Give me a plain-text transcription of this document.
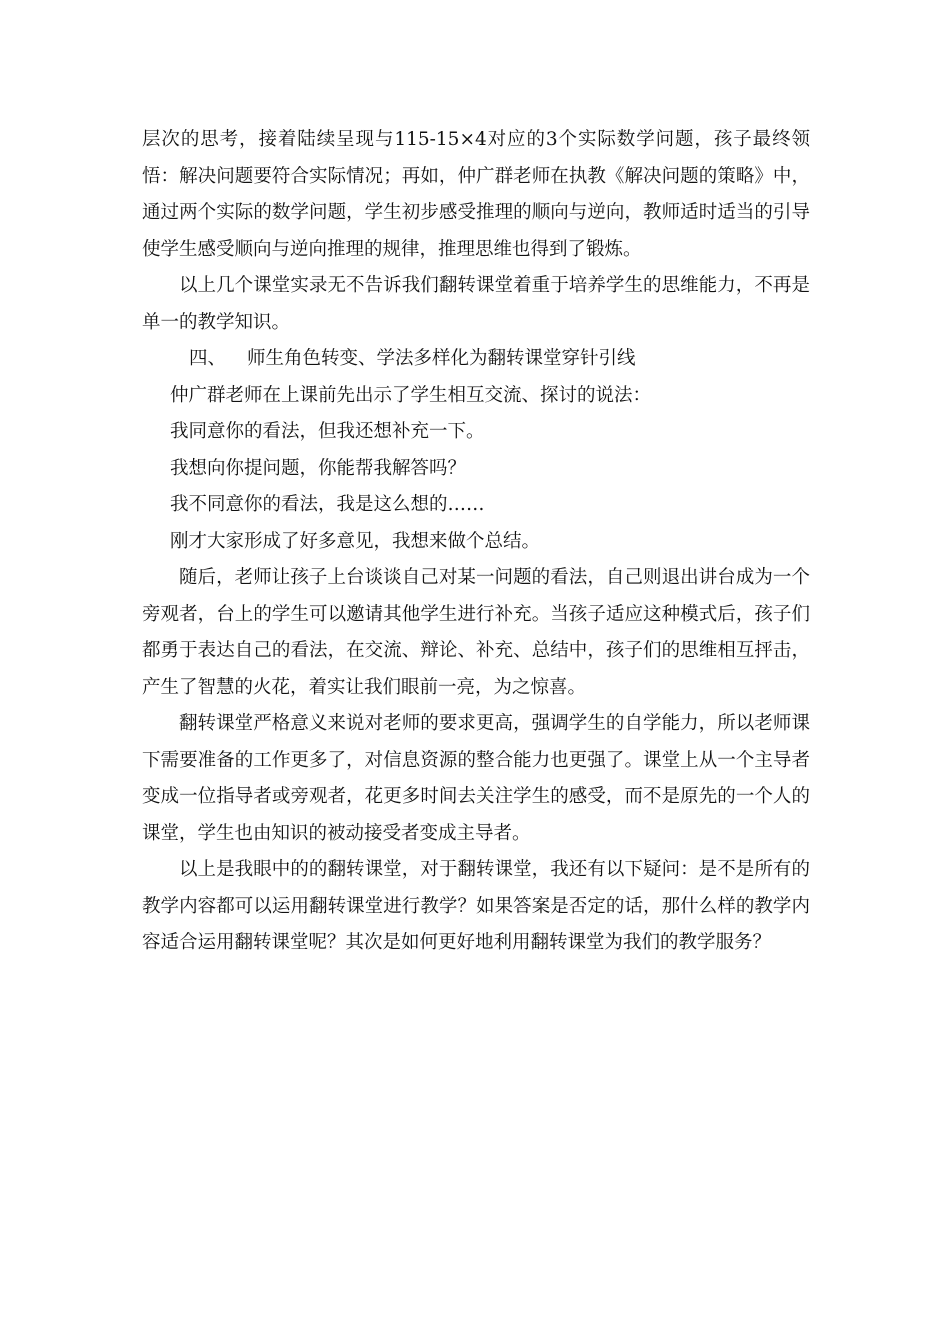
层次的思考，接着陆续呈现与115-15×4对应的3个实际数学问题，孩子最终领悟：解决问题要符合实际情况；再如，仲广群老师在执教《解决问题的策略》中，通过两个实际的数学问题，学生初步感受推理的顺向与逆向，教师适时适当的引导使学生感受顺向与逆向推理的规律，推理思维也得到了锻炼。

以上几个课堂实录无不告诉我们翻转课堂着重于培养学生的思维能力，不再是单一的教学知识。

四、 师生角色转变、学法多样化为翻转课堂穿针引线

仲广群老师在上课前先出示了学生相互交流、探讨的说法：

我同意你的看法，但我还想补充一下。

我想向你提问题，你能帮我解答吗？

我不同意你的看法，我是这么想的……

刚才大家形成了好多意见，我想来做个总结。

随后，老师让孩子上台谈谈自己对某一问题的看法，自己则退出讲台成为一个旁观者，台上的学生可以邀请其他学生进行补充。当孩子适应这种模式后，孩子们都勇于表达自己的看法，在交流、辩论、补充、总结中，孩子们的思维相互抨击，产生了智慧的火花，着实让我们眼前一亮，为之惊喜。

翻转课堂严格意义来说对老师的要求更高，强调学生的自学能力，所以老师课下需要准备的工作更多了，对信息资源的整合能力也更强了。课堂上从一个主导者变成一位指导者或旁观者，花更多时间去关注学生的感受，而不是原先的一个人的课堂，学生也由知识的被动接受者变成主导者。

以上是我眼中的的翻转课堂，对于翻转课堂，我还有以下疑问：是不是所有的教学内容都可以运用翻转课堂进行教学？如果答案是否定的话，那什么样的教学内容适合运用翻转课堂呢？其次是如何更好地利用翻转课堂为我们的教学服务？
